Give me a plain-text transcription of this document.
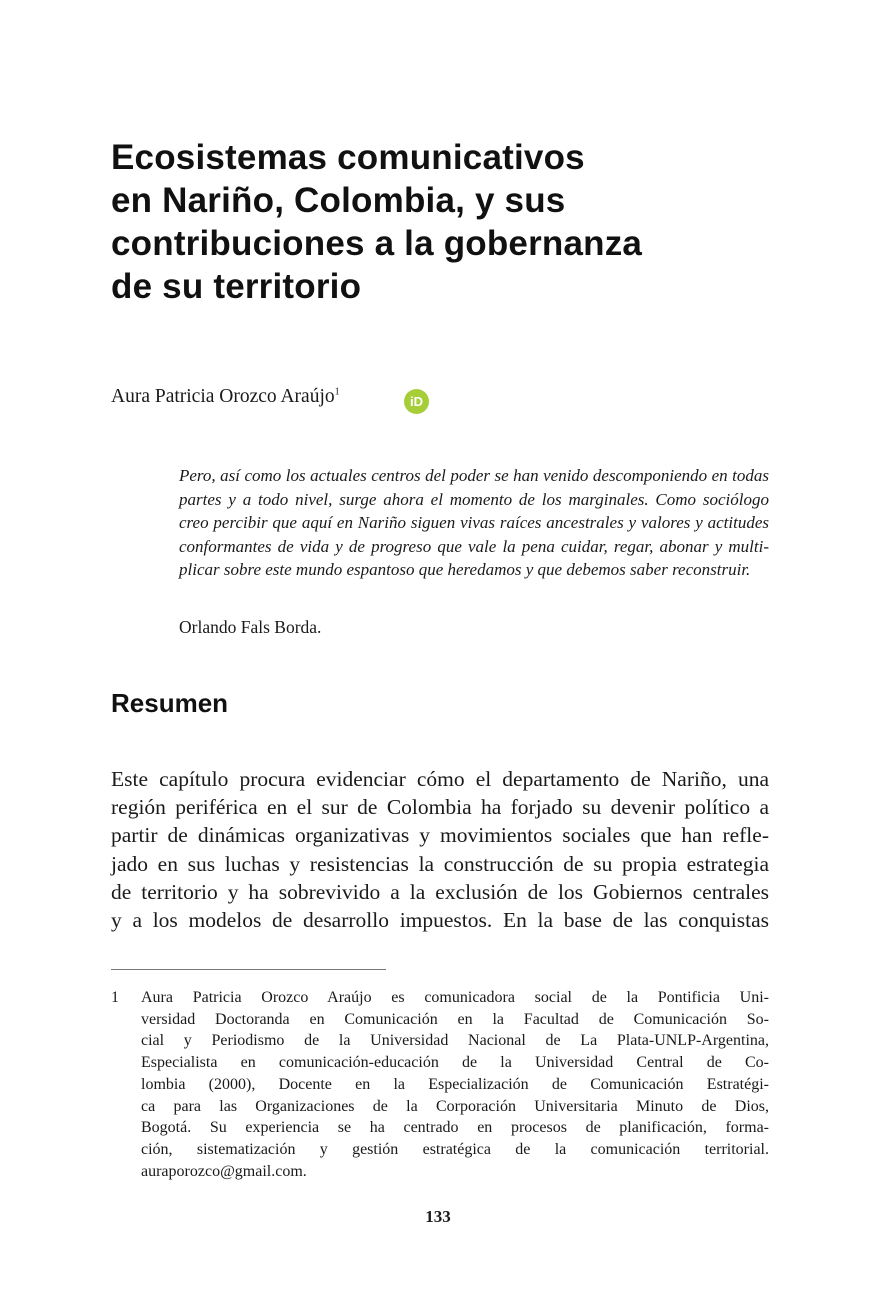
Ecosistemas comunicativos
en Nariño, Colombia, y sus
contribuciones a la gobernanza
de su territorio
Aura Patricia Orozco Araújo$^1$
iD
Pero, así como los actuales centros del poder se han venido descomponiendo en todas
partes y a todo nivel, surge ahora el momento de los marginales. Como sociólogo
creo percibir que aquí en Nariño siguen vivas raíces ancestrales y valores y actitudes
conformantes de vida y de progreso que vale la pena cuidar, regar, abonar y multi-
plicar sobre este mundo espantoso que heredamos y que debemos saber reconstruir.
Orlando Fals Borda.
Resumen
Este capítulo procura evidenciar cómo el departamento de Nariño, una
región periférica en el sur de Colombia ha forjado su devenir político a
partir de dinámicas organizativas y movimientos sociales que han refle-
jado en sus luchas y resistencias la construcción de su propia estrategia
de territorio y ha sobrevivido a la exclusión de los Gobiernos centrales
y a los modelos de desarrollo impuestos. En la base de las conquistas
1 Aura Patricia Orozco Araújo es comunicadora social de la Pontificia Uni-
versidad Doctoranda en Comunicación en la Facultad de Comunicación So-
cial y Periodismo de la Universidad Nacional de La Plata-UNLP-Argentina,
Especialista en comunicación-educación de la Universidad Central de Co-
lombia (2000), Docente en la Especialización de Comunicación Estratégi-
ca para las Organizaciones de la Corporación Universitaria Minuto de Dios,
Bogotá. Su experiencia se ha centrado en procesos de planificación, forma-
ción, sistematización y gestión estratégica de la comunicación territorial.
auraporozco@gmail.com.
133
